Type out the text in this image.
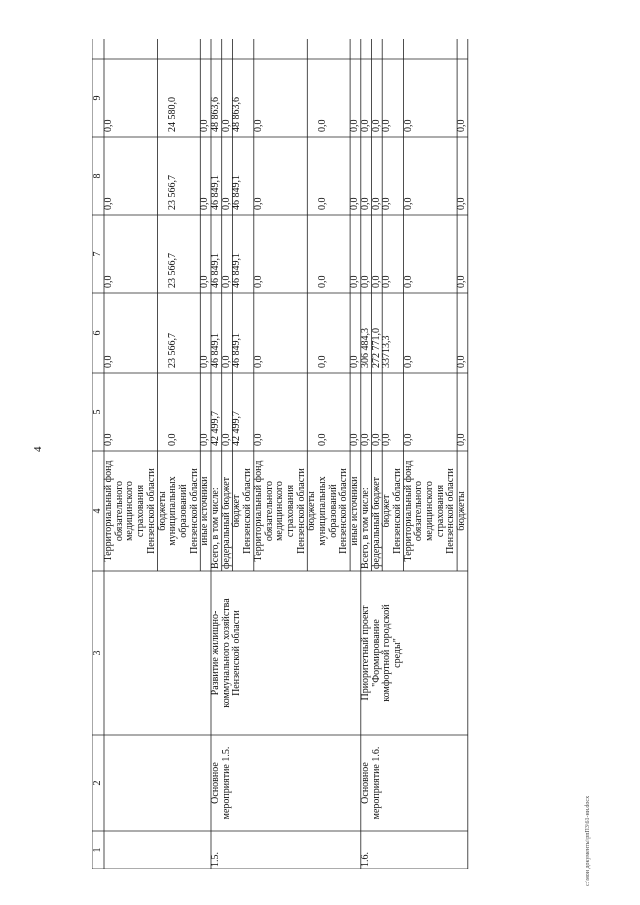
4
1
2
3
4
5
6
7
8
9
Территориальный фонд обязательного медицинского страхования Пензенской области
0,0
0,0
0,0
0,0
0,0
бюджеты муниципальных образований Пензенской области
0,0
23 566,7
23 566,7
23 566,7
24 580,0
иные источники
0,0
0,0
0,0
0,0
0,0
Всего, в том числе:
42 499,7
46 849,1
46 849,1
46 849,1
48 863,6
федеральный бюджет
0,0
0,0
0,0
0,0
0,0
бюджет Пензенской области
42 499,7
46 849,1
46 849,1
46 849,1
48 863,6
Территориальный фонд обязательного медицинского страхования Пензенской области
0,0
0,0
0,0
0,0
0,0
бюджеты муниципальных образований Пензенской области
0,0
0,0
0,0
0,0
0,0
иные источники
0,0
0,0
0,0
0,0
0,0
Всего, в том числе:
0,0
306 484,3
0,0
0,0
0,0
федеральный бюджет
0,0
272 771,0
0,0
0,0
0,0
бюджет Пензенской области
0,0
33713,3
0,0
0,0
0,0
Территориальный фонд обязательного медицинского страхования Пензенской области
0,0
0,0
0,0
0,0
0,0
бюджеты
0,0
0,0
0,0
0,0
0,0
1.5.
Основное мероприятие 1.5.
Развитие жилищно- коммунального хозяйства Пензенской области
1.6.
Основное мероприятие 1.6.
Приоритетный проект "Формирование комфортной городской среды"
c:\мои документы\рпП3\61-ни.docx
